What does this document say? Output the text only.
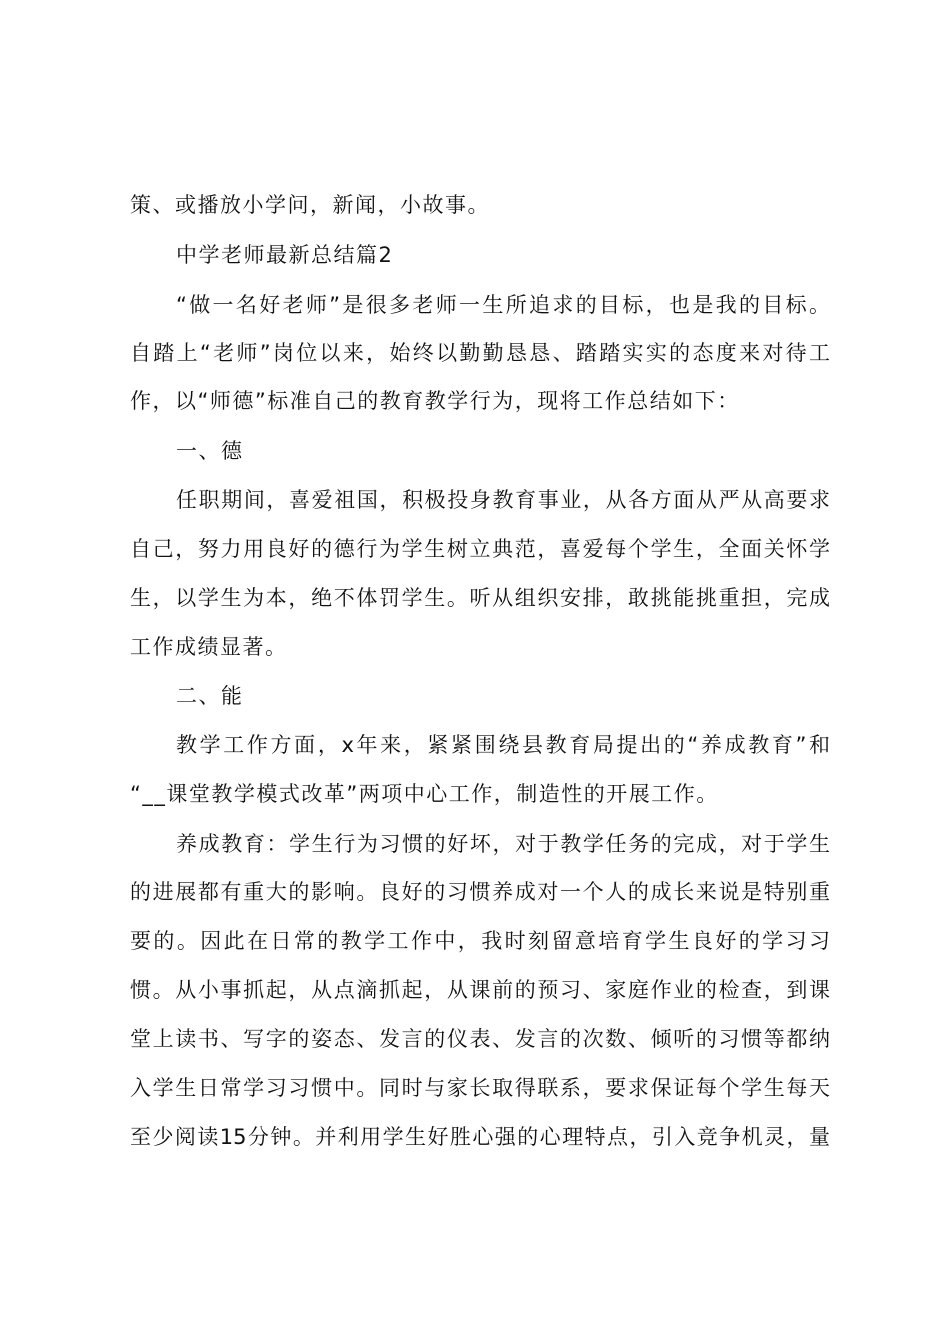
策、或播放小学问，新闻，小故事。
中学老师最新总结篇2
“做一名好老师”是很多老师一生所追求的目标，也是我的目标。
自踏上“老师”岗位以来，始终以勤勤恳恳、踏踏实实的态度来对待工
作，以“师德”标准自己的教育教学行为，现将工作总结如下：
一、德
任职期间，喜爱祖国，积极投身教育事业，从各方面从严从高要求
自己，努力用良好的德行为学生树立典范，喜爱每个学生，全面关怀学
生，以学生为本，绝不体罚学生。听从组织安排，敢挑能挑重担，完成
工作成绩显著。
二、能
教学工作方面，x年来，紧紧围绕县教育局提出的“养成教育”和
“__课堂教学模式改革”两项中心工作，制造性的开展工作。
养成教育：学生行为习惯的好坏，对于教学任务的完成，对于学生
的进展都有重大的影响。良好的习惯养成对一个人的成长来说是特别重
要的。因此在日常的教学工作中，我时刻留意培育学生良好的学习习
惯。从小事抓起，从点滴抓起，从课前的预习、家庭作业的检查，到课
堂上读书、写字的姿态、发言的仪表、发言的次数、倾听的习惯等都纳
入学生日常学习习惯中。同时与家长取得联系，要求保证每个学生每天
至少阅读15分钟。并利用学生好胜心强的心理特点，引入竞争机灵，量
